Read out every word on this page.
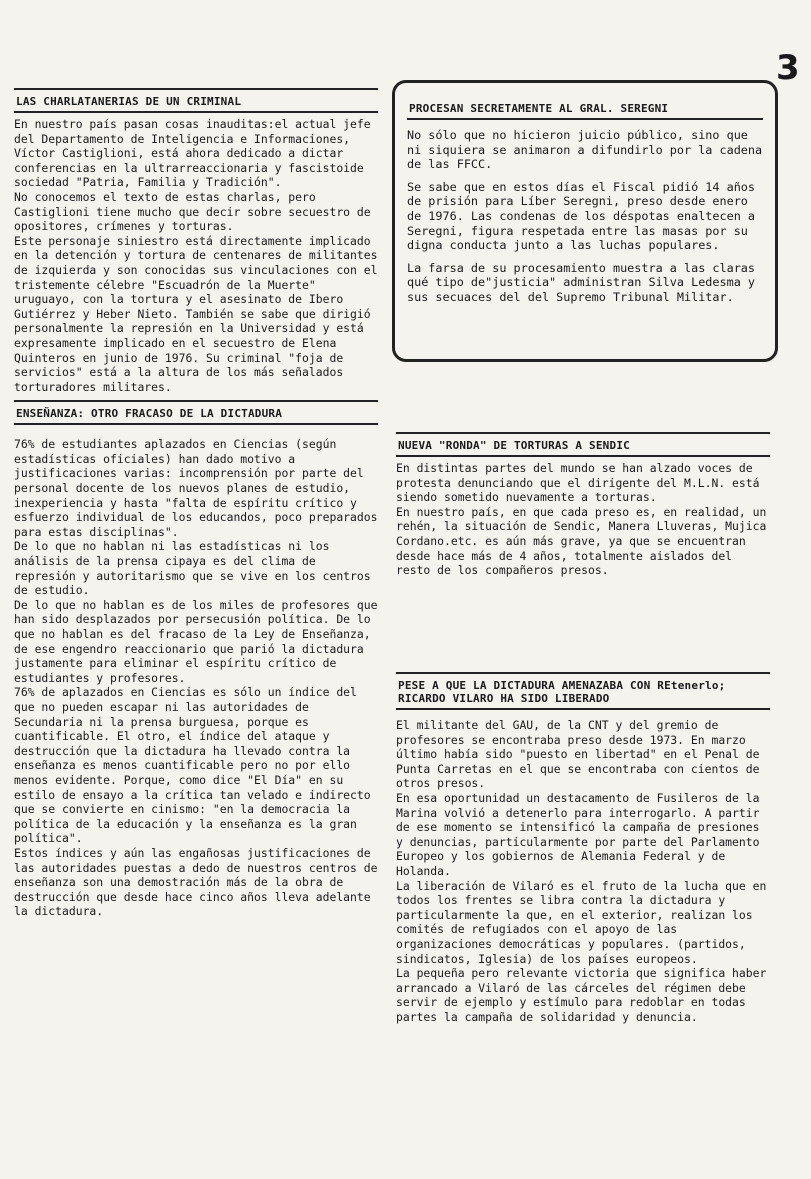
3
LAS CHARLATANERIAS DE UN CRIMINAL

En nuestro país pasan cosas inauditas:el actual jefe del Departamento de Inteligencia e Informaciones, Víctor Castiglioni, está ahora dedicado a dictar conferencias en la ultrarreaccionaria y fascistoide sociedad "Patria, Familia y Tradición".

No conocemos el texto de estas charlas, pero Castiglioni tiene mucho que decir sobre secuestro de opositores, crímenes y torturas.

Este personaje siniestro está directamente implicado en la detención y tortura de centenares de militantes de izquierda y son conocidas sus vinculaciones con el tristemente célebre "Escuadrón de la Muerte" uruguayo, con la tortura y el asesinato de Ibero Gutiérrez y Heber Nieto. También se sabe que dirigió personalmente la represión en la Universidad y está expresamente implicado en el secuestro de Elena Quinteros en junio de 1976. Su criminal "foja de servicios" está a la altura de los más señalados torturadores militares.

ENSEÑANZA: OTRO FRACASO DE LA DICTADURA

76% de estudiantes aplazados en Ciencias (según estadísticas oficiales) han dado motivo a justificaciones varias: incomprensión por parte del personal docente de los nuevos planes de estudio, inexperiencia y hasta "falta de espíritu crítico y esfuerzo individual de los educandos, poco preparados para estas disciplinas".

De lo que no hablan ni las estadísticas ni los análisis de la prensa cipaya es del clima de represión y autoritarismo que se vive en los centros de estudio.

De lo que no hablan es de los miles de profesores que han sido desplazados por persecusión política. De lo que no hablan es del fracaso de la Ley de Enseñanza, de ese engendro reaccionario que parió la dictadura justamente para eliminar el espíritu crítico de estudiantes y profesores.

76% de aplazados en Ciencias es sólo un índice del que no pueden escapar ni las autoridades de Secundaria ni la prensa burguesa, porque es cuantificable. El otro, el índice del ataque y destrucción que la dictadura ha llevado contra la enseñanza es menos cuantificable pero no por ello menos evidente. Porque, como dice "El Día" en su estilo de ensayo a la crítica tan velado e indirecto que se convierte en cinismo: "en la democracia la política de la educación y la enseñanza es la gran política".

Estos índices y aún las engañosas justificaciones de las autoridades puestas a dedo de nuestros centros de enseñanza son una demostración más de la obra de destrucción que desde hace cinco años lleva adelante la dictadura.

PROCESAN SECRETAMENTE AL GRAL. SEREGNI

No sólo que no hicieron juicio público, sino que ni siquiera se animaron a difundirlo por la cadena de las FFCC.

Se sabe que en estos días el Fiscal pidió 14 años de prisión para Líber Seregni, preso desde enero de 1976. Las condenas de los déspotas enaltecen a Seregni, figura respetada entre las masas por su digna conducta junto a las luchas populares.

La farsa de su procesamiento muestra a las claras qué tipo de"justicia" administran Silva Ledesma y sus secuaces del del Supremo Tribunal Militar.

NUEVA "RONDA" DE TORTURAS A SENDIC

En distintas partes del mundo se han alzado voces de protesta denunciando que el dirigente del M.L.N. está siendo sometido nuevamente a torturas.

En nuestro país, en que cada preso es, en realidad, un rehén, la situación de Sendic, Manera Lluveras, Mujica Cordano.etc. es aún más grave, ya que se encuentran desde hace más de 4 años, totalmente aislados del resto de los compañeros presos.

PESE A QUE LA DICTADURA AMENAZABA CON REtenerlo; RICARDO VILARO HA SIDO LIBERADO

El militante del GAU, de la CNT y del gremio de profesores se encontraba preso desde 1973. En marzo último había sido "puesto en libertad" en el Penal de Punta Carretas en el que se encontraba con cientos de otros presos.

En esa oportunidad un destacamento de Fusileros de la Marina volvió a detenerlo para interrogarlo. A partir de ese momento se intensificó la campaña de presiones y denuncias, particularmente por parte del Parlamento Europeo y los gobiernos de Alemania Federal y de Holanda.

La liberación de Vilaró es el fruto de la lucha que en todos los frentes se libra contra la dictadura y particularmente la que, en el exterior, realizan los comités de refugiados con el apoyo de las organizaciones democráticas y populares. (partidos, sindicatos, Iglesia) de los países europeos.

La pequeña pero relevante victoria que significa haber arrancado a Vilaró de las cárceles del régimen debe servir de ejemplo y estímulo para redoblar en todas partes la campaña de solidaridad y denuncia.
